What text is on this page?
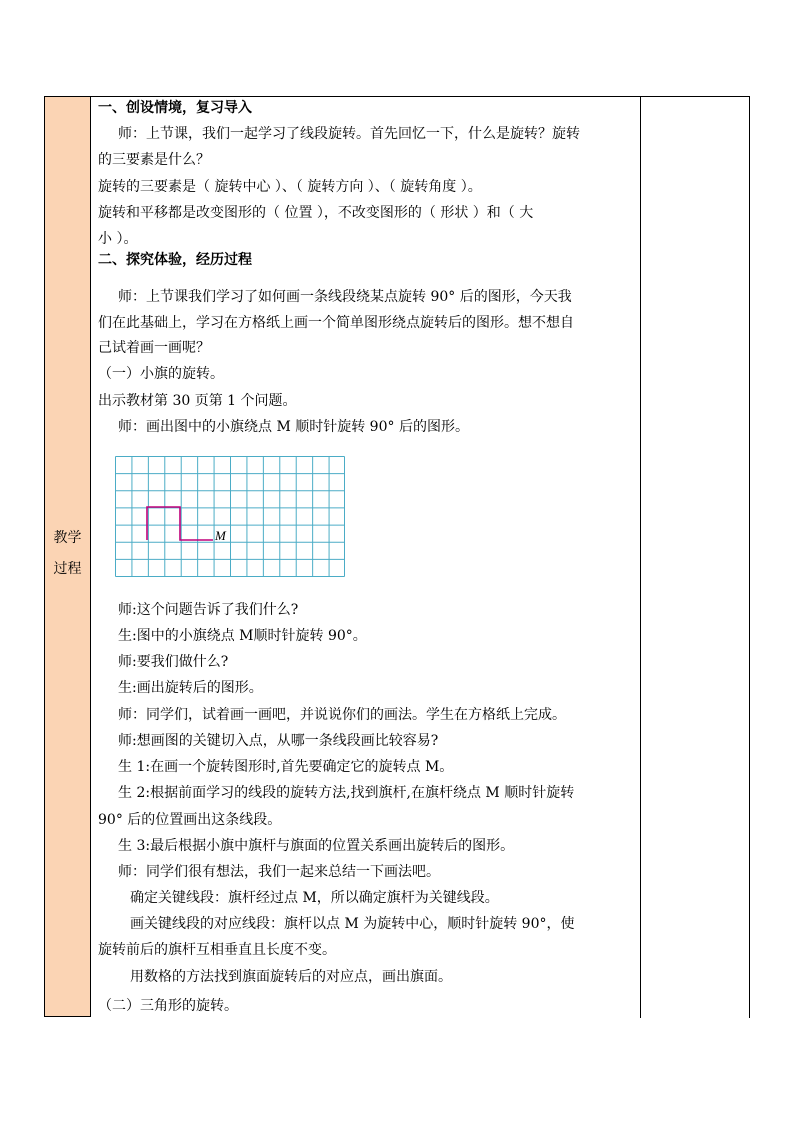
教学
过程
一、创设情境，复习导入
师：上节课，我们一起学习了线段旋转。首先回忆一下，什么是旋转？旋转
的三要素是什么？
旋转的三要素是（ 旋转中心 ）、（ 旋转方向 ）、（ 旋转角度 ）。
旋转和平移都是改变图形的（ 位置 ），不改变图形的（ 形状 ）和（ 大
小 ）。
二、探究体验，经历过程
师：上节课我们学习了如何画一条线段绕某点旋转 90° 后的图形，今天我
们在此基础上，学习在方格纸上画一个简单图形绕点旋转后的图形。想不想自
己试着画一画呢？
（一）小旗的旋转。
出示教材第 30 页第 1 个问题。
师：画出图中的小旗绕点 M 顺时针旋转 90° 后的图形。
M
师:这个问题告诉了我们什么?
生:图中的小旗绕点 M顺时针旋转 90°。
师:要我们做什么?
生:画出旋转后的图形。
师：同学们，试着画一画吧，并说说你们的画法。学生在方格纸上完成。
师:想画图的关键切入点，从哪一条线段画比较容易?
生 1:在画一个旋转图形时,首先要确定它的旋转点 M。
生 2:根据前面学习的线段的旋转方法,找到旗杆,在旗杆绕点 M 顺时针旋转
90° 后的位置画出这条线段。
生 3:最后根据小旗中旗杆与旗面的位置关系画出旋转后的图形。
师：同学们很有想法，我们一起来总结一下画法吧。
确定关键线段：旗杆经过点 M，所以确定旗杆为关键线段。
画关键线段的对应线段：旗杆以点 M 为旋转中心，顺时针旋转 90°，使
旋转前后的旗杆互相垂直且长度不变。
用数格的方法找到旗面旋转后的对应点，画出旗面。
（二）三角形的旋转。
